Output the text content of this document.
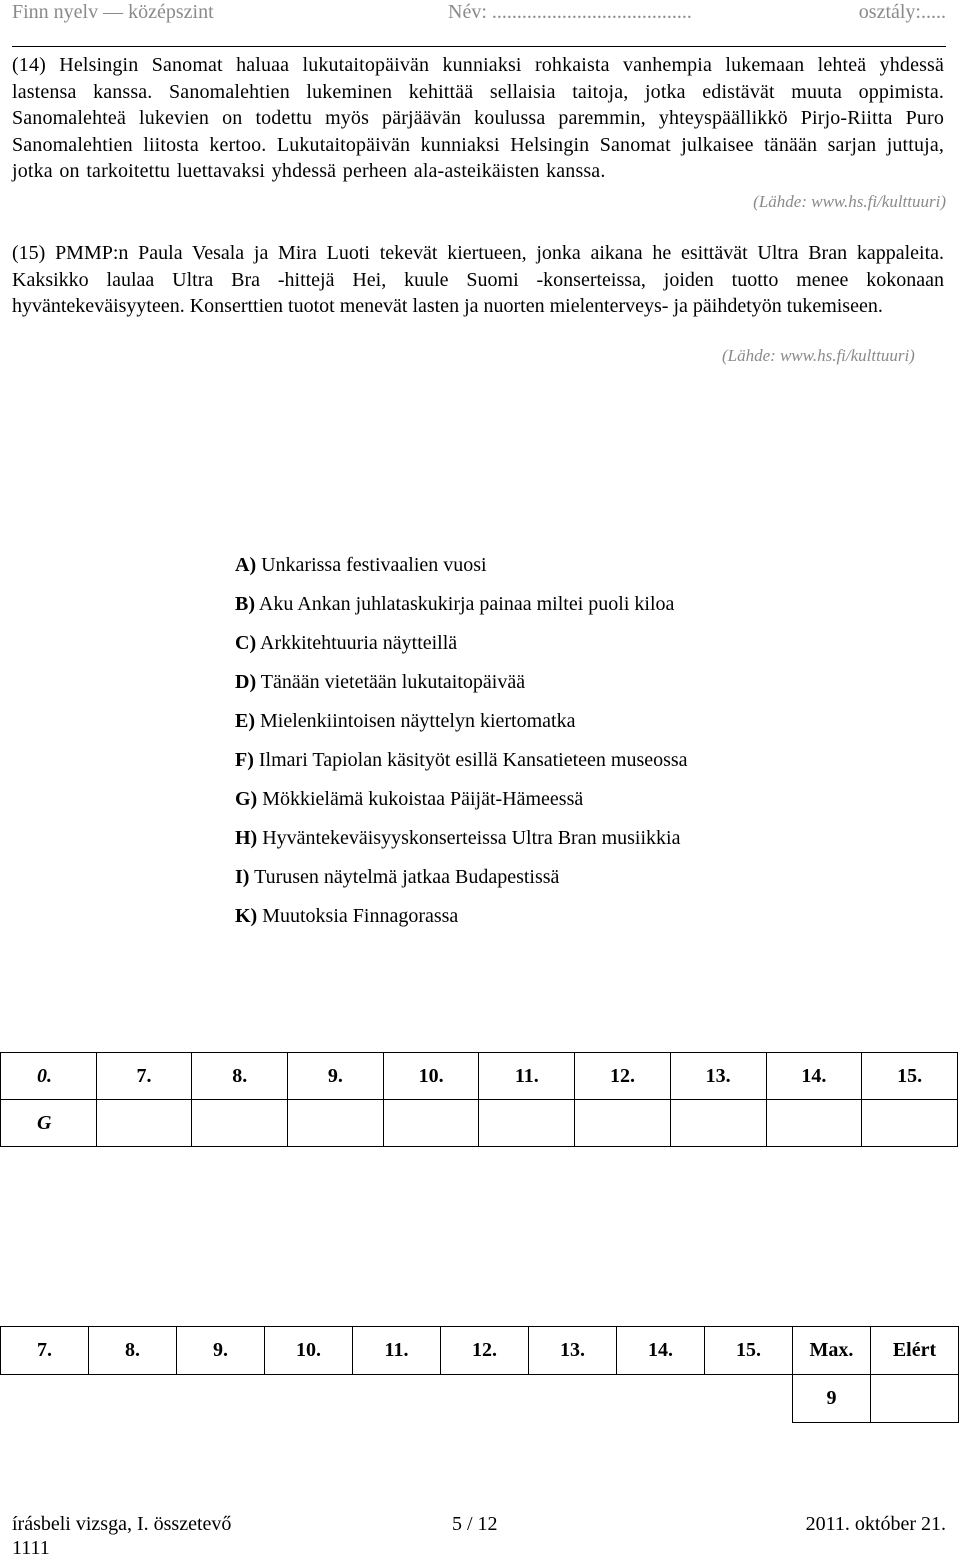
Finn nyelv — középszint	Név: ........................................	osztály:.....

(14) Helsingin Sanomat haluaa lukutaitopäivän kunniaksi rohkaista vanhempia lukemaan lehteä yhdessä lastensa kanssa. Sanomalehtien lukeminen kehittää sellaisia taitoja, jotka edistävät muuta oppimista. Sanomalehteä lukevien on todettu myös pärjäävän koulussa paremmin, yhteyspäällikkö Pirjo-Riitta Puro Sanomalehtien liitosta kertoo. Lukutaitopäivän kunniaksi Helsingin Sanomat julkaisee tänään sarjan juttuja, jotka on tarkoitettu luettavaksi yhdessä perheen ala-asteikäisten kanssa.

(Lähde: www.hs.fi/kulttuuri)

(15) PMMP:n Paula Vesala ja Mira Luoti tekevät kiertueen, jonka aikana he esittävät Ultra Bran kappaleita. Kaksikko laulaa Ultra Bra -hittejä Hei, kuule Suomi -konserteissa, joiden tuotto menee kokonaan hyväntekeväisyyteen. Konserttien tuotot menevät lasten ja nuorten mielenterveys- ja päihdetyön tukemiseen.

(Lähde: www.hs.fi/kulttuuri)
A) Unkarissa festivaalien vuosi
B) Aku Ankan juhlataskukirja painaa miltei puoli kiloa
C) Arkkitehtuuria näytteillä
D) Tänään vietetään lukutaitopäivää
E) Mielenkiintoisen näyttelyn kiertomatka
F) Ilmari Tapiolan käsityöt esillä Kansatieteen museossa
G) Mökkielämä kukoistaa Päijät-Hämeessä
H) Hyväntekeväisyyskonserteissa Ultra Bran musiikkia
I) Turusen näytelmä jatkaa Budapestissä
K) Muutoksia Finnagorassa
0.	7.	8.	9.	10.	11.	12.	13.	14.	15.
G									
7.	8.	9.	10.	11.	12.	13.	14.	15.	Max.	Elért
									9	
írásbeli vizsga, I. összetevő	5 / 12	2011. október 21.
1111
